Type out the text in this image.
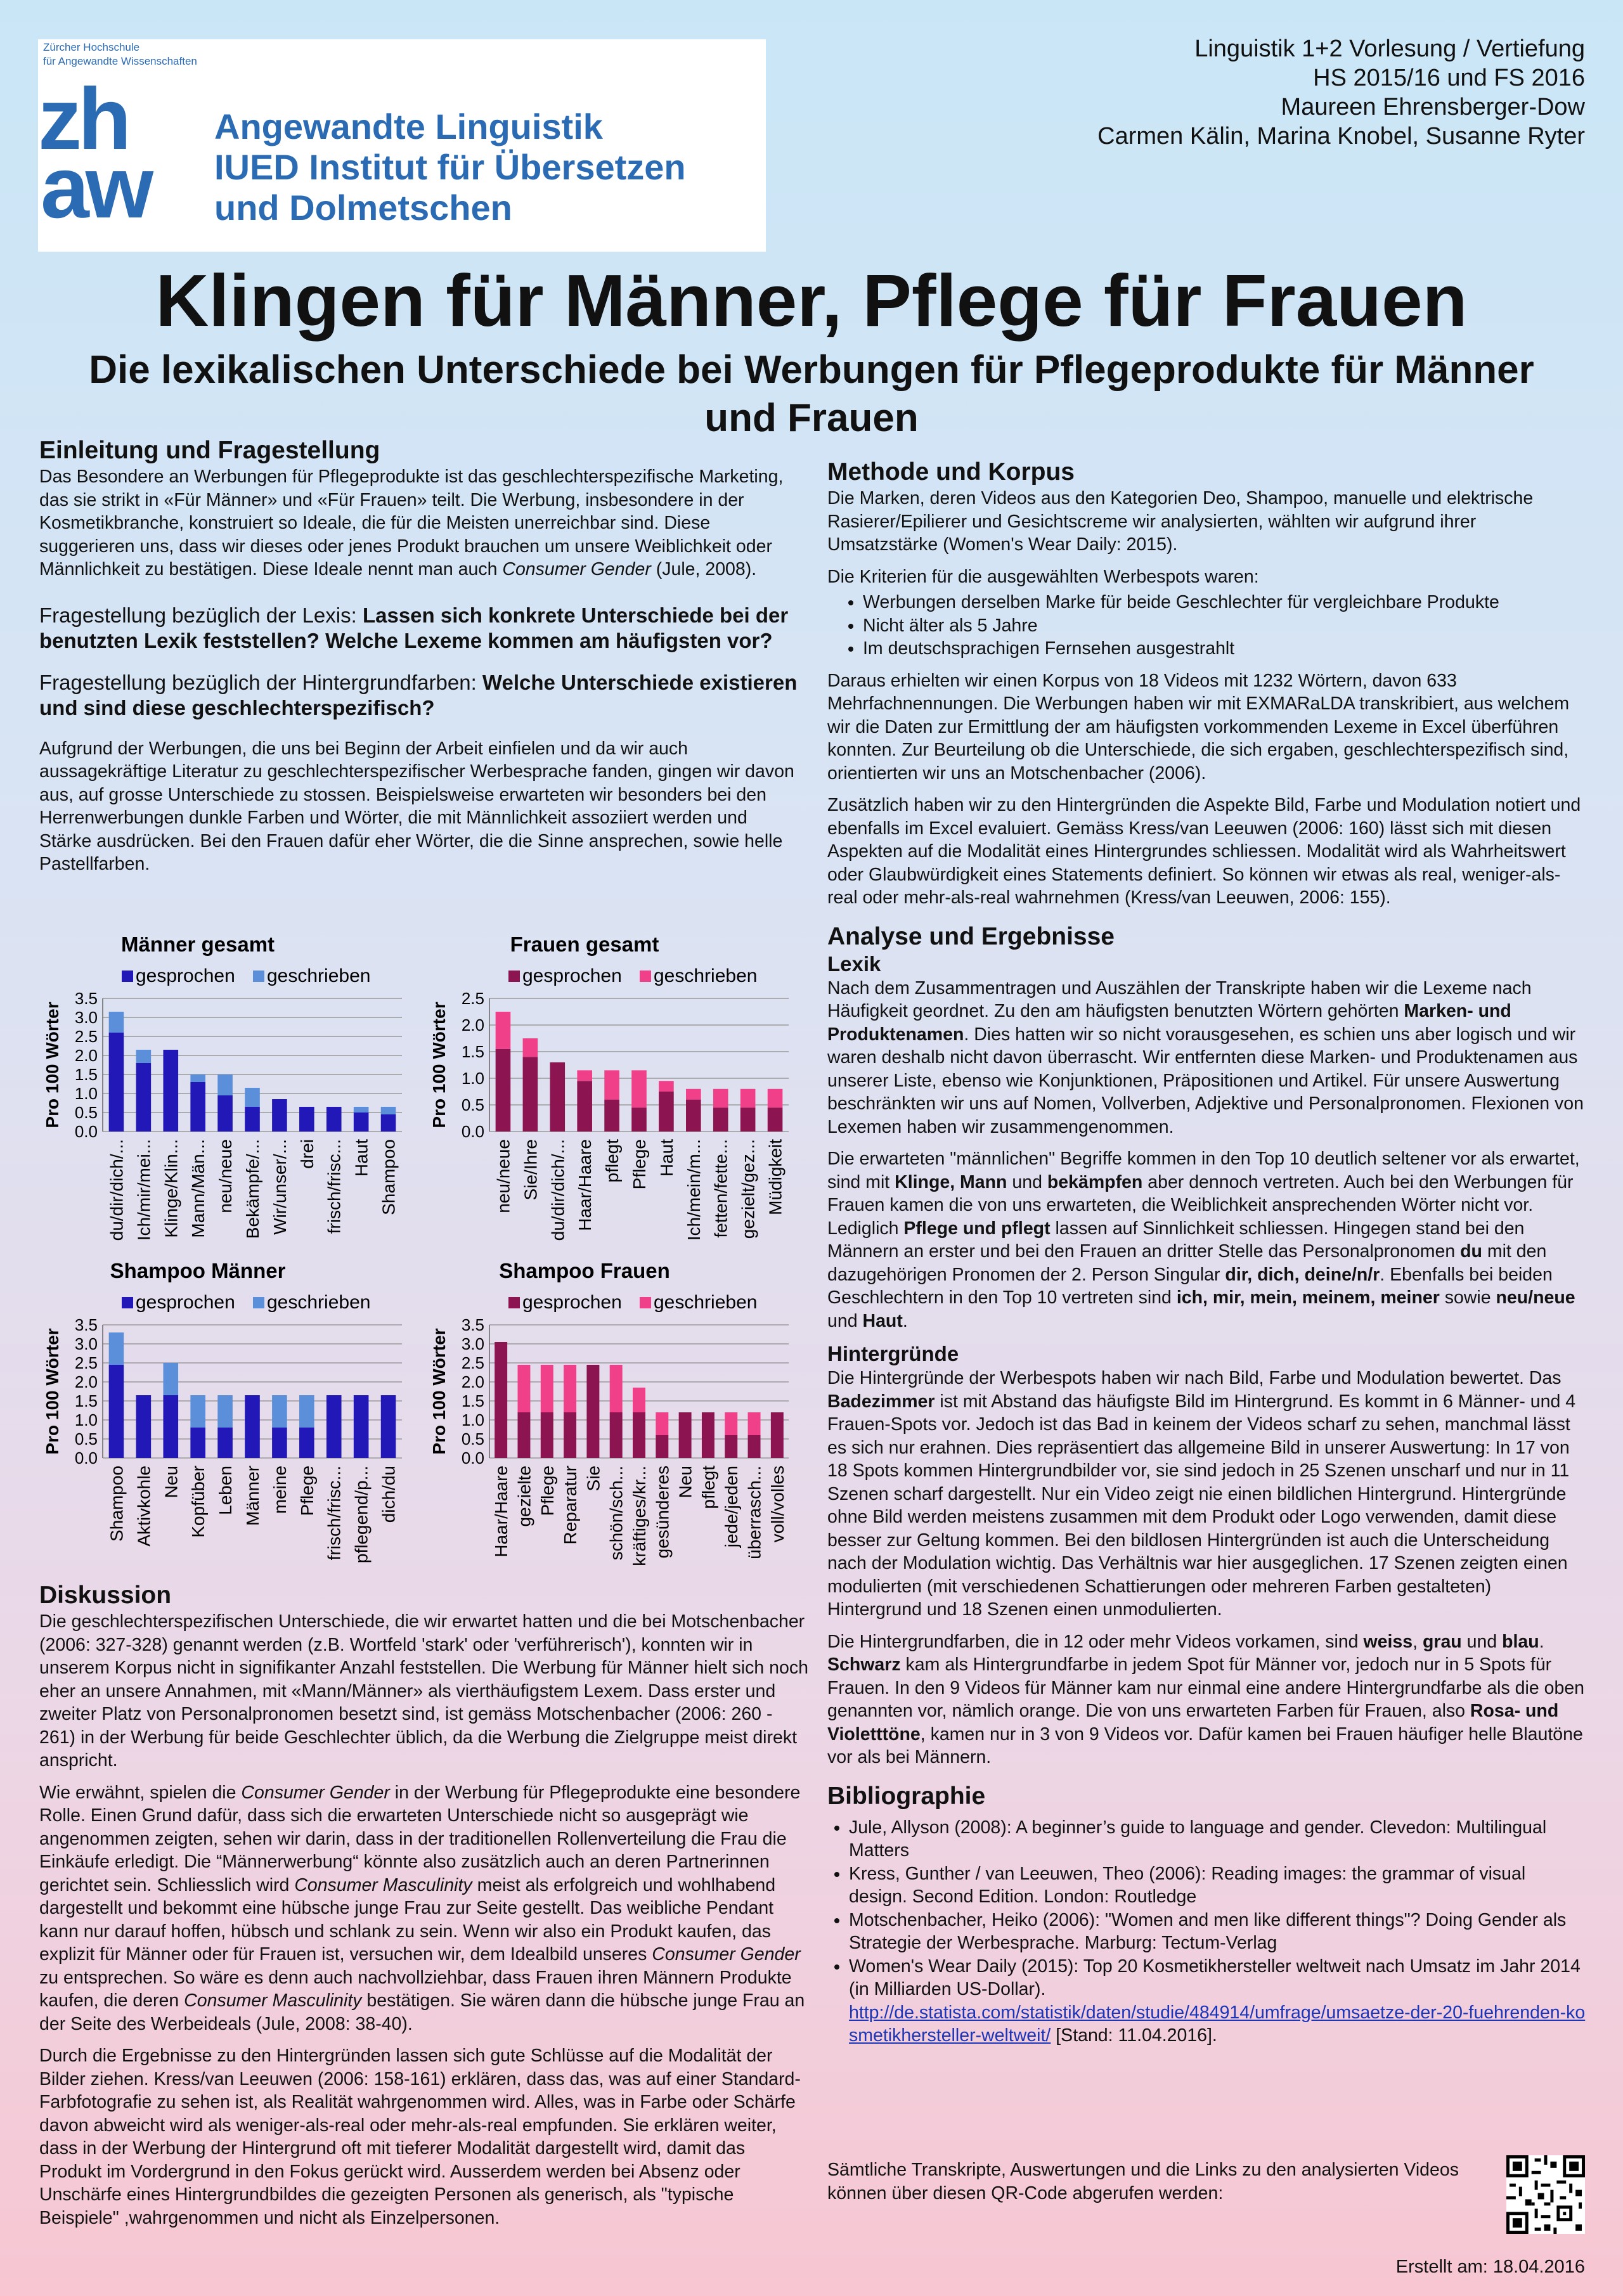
Zürcher Hochschule
für Angewandte Wissenschaften
zh
aw
Angewandte Linguistik
IUED Institut für Übersetzen
und Dolmetschen
Linguistik 1+2 Vorlesung / Vertiefung
HS 2015/16 und FS 2016
Maureen Ehrensberger-Dow
Carmen Kälin, Marina Knobel, Susanne Ryter
Klingen für Männer, Pflege für Frauen
Die lexikalischen Unterschiede bei Werbungen für Pflegeprodukte für Männer und Frauen
Einleitung und Fragestellung

Das Besondere an Werbungen für Pflegeprodukte ist das geschlechterspezifische Marketing, das sie strikt in «Für Männer» und «Für Frauen» teilt. Die Werbung, insbesondere in der Kosmetikbranche, konstruiert so Ideale, die für die Meisten unerreichbar sind. Diese suggerieren uns, dass wir dieses oder jenes Produkt brauchen um unsere Weiblichkeit oder Männlichkeit zu bestätigen. Diese Ideale nennt man auch Consumer Gender (Jule, 2008).

Fragestellung bezüglich der Lexis: Lassen sich konkrete Unterschiede bei der benutzten Lexik feststellen? Welche Lexeme kommen am häufigsten vor?

Fragestellung bezüglich der Hintergrundfarben: Welche Unterschiede existieren und sind diese geschlechterspezifisch?

Aufgrund der Werbungen, die uns bei Beginn der Arbeit einfielen und da wir auch aussagekräftige Literatur zu geschlechterspezifischer Werbesprache fanden, gingen wir davon aus, auf grosse Unterschiede zu stossen. Beispielsweise erwarteten wir besonders bei den Herrenwerbungen dunkle Farben und Wörter, die mit Männlichkeit assoziiert werden und Stärke ausdrücken. Bei den Frauen dafür eher Wörter, die die Sinne ansprechen, sowie helle Pastellfarben.

Männer gesamt
gesprochen geschrieben
Pro 100 Wörter
0.0
0.5
1.0
1.5
2.0
2.5
3.0
3.5
du/dir/dich/... Ich/mir/mei... Klinge/Klin... Mann/Män... neu/neue Bekämpfe/... Wir/unser/... drei frisch/frisc... Haut Shampoo
Frauen gesamt
gesprochen geschrieben
Pro 100 Wörter
0.0
0.5
1.0
1.5
2.0
2.5
neu/neue Sie/Ihre du/dir/dich/... Haar/Haare pflegt Pflege Haut Ich/mein/m... fetten/fette... gezielt/gez... Müdigkeit
Shampoo Männer
gesprochen geschrieben
Pro 100 Wörter
0.0
0.5
1.0
1.5
2.0
2.5
3.0
3.5
Shampoo Aktivkohle Neu Kopfüber Leben Männer meine Pflege frisch/frisc... pflegend/p... dich/du
Shampoo Frauen
gesprochen geschrieben
Pro 100 Wörter
0.0
0.5
1.0
1.5
2.0
2.5
3.0
3.5
Haar/Haare gezielte Pflege Reparatur Sie schön/sch... kräftiges/kr... gesünderes Neu pflegt jede/jeden überrasch... voll/volles
Diskussion

Die geschlechterspezifischen Unterschiede, die wir erwartet hatten und die bei Motschenbacher (2006: 327-328) genannt werden (z.B. Wortfeld 'stark' oder 'verführerisch'), konnten wir in unserem Korpus nicht in signifikanter Anzahl feststellen. Die Werbung für Männer hielt sich noch eher an unsere Annahmen, mit «Mann/Männer» als vierthäufigstem Lexem. Dass erster und zweiter Platz von Personalpronomen besetzt sind, ist gemäss Motschenbacher (2006: 260 - 261) in der Werbung für beide Geschlechter üblich, da die Werbung die Zielgruppe meist direkt anspricht.

Wie erwähnt, spielen die Consumer Gender in der Werbung für Pflegeprodukte eine besondere Rolle. Einen Grund dafür, dass sich die erwarteten Unterschiede nicht so ausgeprägt wie angenommen zeigten, sehen wir darin, dass in der traditionellen Rollenverteilung die Frau die Einkäufe erledigt. Die “Männerwerbung“ könnte also zusätzlich auch an deren Partnerinnen gerichtet sein. Schliesslich wird Consumer Masculinity meist als erfolgreich und wohlhabend dargestellt und bekommt eine hübsche junge Frau zur Seite gestellt. Das weibliche Pendant kann nur darauf hoffen, hübsch und schlank zu sein. Wenn wir also ein Produkt kaufen, das explizit für Männer oder für Frauen ist, versuchen wir, dem Idealbild unseres Consumer Gender zu entsprechen. So wäre es denn auch nachvollziehbar, dass Frauen ihren Männern Produkte kaufen, die deren Consumer Masculinity bestätigen. Sie wären dann die hübsche junge Frau an der Seite des Werbeideals (Jule, 2008: 38-40).

Durch die Ergebnisse zu den Hintergründen lassen sich gute Schlüsse auf die Modalität der Bilder ziehen. Kress/van Leeuwen (2006: 158-161) erklären, dass das, was auf einer Standard-Farbfotografie zu sehen ist, als Realität wahrgenommen wird. Alles, was in Farbe oder Schärfe davon abweicht wird als weniger-als-real oder mehr-als-real empfunden. Sie erklären weiter, dass in der Werbung der Hintergrund oft mit tieferer Modalität dargestellt wird, damit das Produkt im Vordergrund in den Fokus gerückt wird. Ausserdem werden bei Absenz oder Unschärfe eines Hintergrundbildes die gezeigten Personen als generisch, als "typische Beispiele" ,wahrgenommen und nicht als Einzelpersonen.

Methode und Korpus

Die Marken, deren Videos aus den Kategorien Deo, Shampoo, manuelle und elektrische Rasierer/Epilierer und Gesichtscreme wir analysierten, wählten wir aufgrund ihrer Umsatzstärke (Women's Wear Daily: 2015).

Die Kriterien für die ausgewählten Werbespots waren:

• Werbungen derselben Marke für beide Geschlechter für vergleichbare Produkte
• Nicht älter als 5 Jahre
• Im deutschsprachigen Fernsehen ausgestrahlt

Daraus erhielten wir einen Korpus von 18 Videos mit 1232 Wörtern, davon 633 Mehrfachnennungen. Die Werbungen haben wir mit EXMARaLDA transkribiert, aus welchem wir die Daten zur Ermittlung der am häufigsten vorkommenden Lexeme in Excel überführen konnten. Zur Beurteilung ob die Unterschiede, die sich ergaben, geschlechterspezifisch sind, orientierten wir uns an Motschenbacher (2006).

Zusätzlich haben wir zu den Hintergründen die Aspekte Bild, Farbe und Modulation notiert und ebenfalls im Excel evaluiert. Gemäss Kress/van Leeuwen (2006: 160) lässt sich mit diesen Aspekten auf die Modalität eines Hintergrundes schliessen. Modalität wird als Wahrheitswert oder Glaubwürdigkeit eines Statements definiert. So können wir etwas als real, weniger-als-real oder mehr-als-real wahrnehmen (Kress/van Leeuwen, 2006: 155).

Analyse und Ergebnisse
Lexik

Nach dem Zusammentragen und Auszählen der Transkripte haben wir die Lexeme nach Häufigkeit geordnet. Zu den am häufigsten benutzten Wörtern gehörten Marken- und Produktenamen. Dies hatten wir so nicht vorausgesehen, es schien uns aber logisch und wir waren deshalb nicht davon überrascht. Wir entfernten diese Marken- und Produktenamen aus unserer Liste, ebenso wie Konjunktionen, Präpositionen und Artikel. Für unsere Auswertung beschränkten wir uns auf Nomen, Vollverben, Adjektive und Personalpronomen. Flexionen von Lexemen haben wir zusammengenommen.

Die erwarteten "männlichen" Begriffe kommen in den Top 10 deutlich seltener vor als erwartet, sind mit Klinge, Mann und bekämpfen aber dennoch vertreten. Auch bei den Werbungen für Frauen kamen die von uns erwarteten, die Weiblichkeit ansprechenden Wörter nicht vor. Lediglich Pflege und pflegt lassen auf Sinnlichkeit schliessen. Hingegen stand bei den Männern an erster und bei den Frauen an dritter Stelle das Personalpronomen du mit den dazugehörigen Pronomen der 2. Person Singular dir, dich, deine/n/r. Ebenfalls bei beiden Geschlechtern in den Top 10 vertreten sind ich, mir, mein, meinem, meiner sowie neu/neue und Haut.

Hintergründe

Die Hintergründe der Werbespots haben wir nach Bild, Farbe und Modulation bewertet. Das Badezimmer ist mit Abstand das häufigste Bild im Hintergrund. Es kommt in 6 Männer- und 4 Frauen-Spots vor. Jedoch ist das Bad in keinem der Videos scharf zu sehen, manchmal lässt es sich nur erahnen. Dies repräsentiert das allgemeine Bild in unserer Auswertung: In 17 von 18 Spots kommen Hintergrundbilder vor, sie sind jedoch in 25 Szenen unscharf und nur in 11 Szenen scharf dargestellt. Nur ein Video zeigt nie einen bildlichen Hintergrund. Hintergründe ohne Bild werden meistens zusammen mit dem Produkt oder Logo verwenden, damit diese besser zur Geltung kommen. Bei den bildlosen Hintergründen ist auch die Unterscheidung nach der Modulation wichtig. Das Verhältnis war hier ausgeglichen. 17 Szenen zeigten einen modulierten (mit verschiedenen Schattierungen oder mehreren Farben gestalteten) Hintergrund und 18 Szenen einen unmodulierten.

Die Hintergrundfarben, die in 12 oder mehr Videos vorkamen, sind weiss, grau und blau. Schwarz kam als Hintergrundfarbe in jedem Spot für Männer vor, jedoch nur in 5 Spots für Frauen. In den 9 Videos für Männer kam nur einmal eine andere Hintergrundfarbe als die oben genannten vor, nämlich orange. Die von uns erwarteten Farben für Frauen, also Rosa- und Violetttöne, kamen nur in 3 von 9 Videos vor. Dafür kamen bei Frauen häufiger helle Blautöne vor als bei Männern.

Bibliographie
• Jule, Allyson (2008): A beginner’s guide to language and gender. Clevedon: Multilingual Matters
• Kress, Gunther / van Leeuwen, Theo (2006): Reading images: the grammar of visual design. Second Edition. London: Routledge
• Motschenbacher, Heiko (2006): "Women and men like different things"? Doing Gender als Strategie der Werbesprache. Marburg: Tectum-Verlag
• Women's Wear Daily (2015): Top 20 Kosmetikhersteller weltweit nach Umsatz im Jahr 2014 (in Milliarden US-Dollar).
http://de.statista.com/statistik/daten/studie/484914/umfrage/umsaetze-der-20-fuehrenden-kosmetikhersteller-weltweit/ [Stand: 11.04.2016].
Sämtliche Transkripte, Auswertungen und die Links zu den analysierten Videos können über diesen QR-Code abgerufen werden:
Erstellt am: 18.04.2016
